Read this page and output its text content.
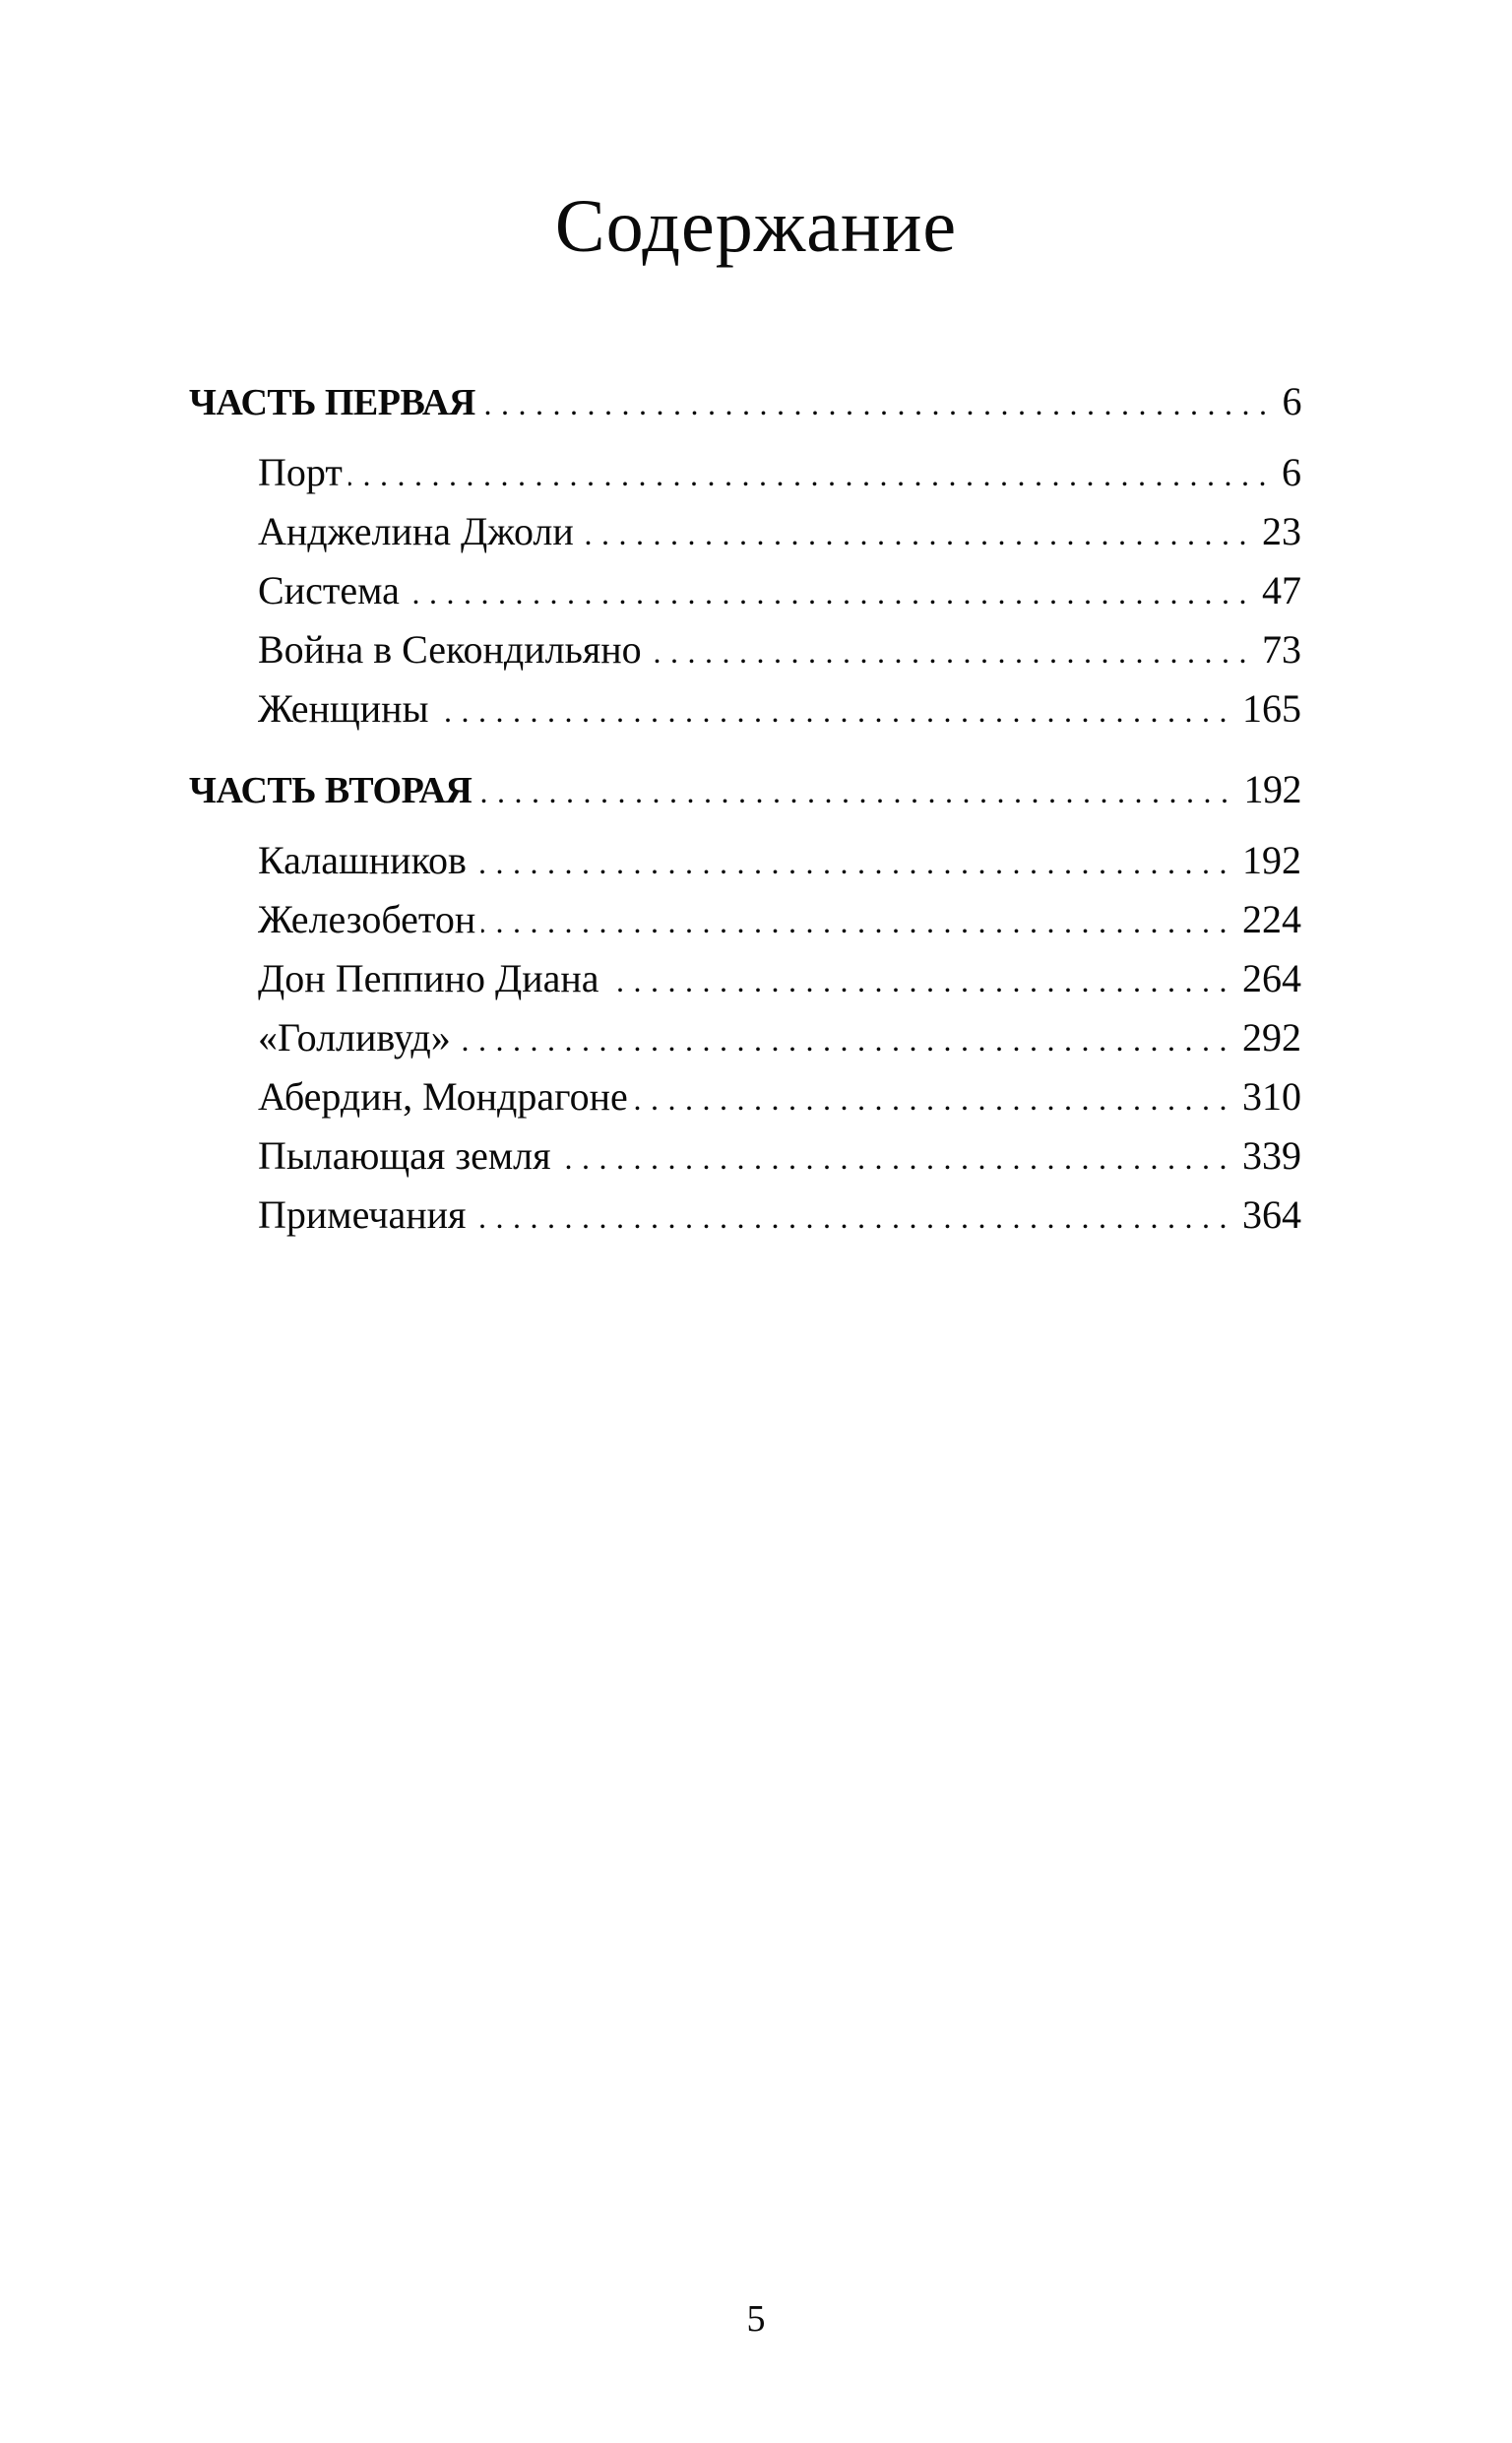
Содержание
ЧАСТЬ ПЕРВАЯ .....	6
Порт .....	6
Анджелина Джоли .....	23
Система .....	47
Война в Секондильяно .....	73
Женщины .....	165
ЧАСТЬ ВТОРАЯ .....	192
Калашников .....	192
Железобетон .....	224
Дон Пеппино Диана .....	264
«Голливуд» .....	292
Абердин, Мондрагоне .....	310
Пылающая земля .....	339
Примечания .....	364
5
